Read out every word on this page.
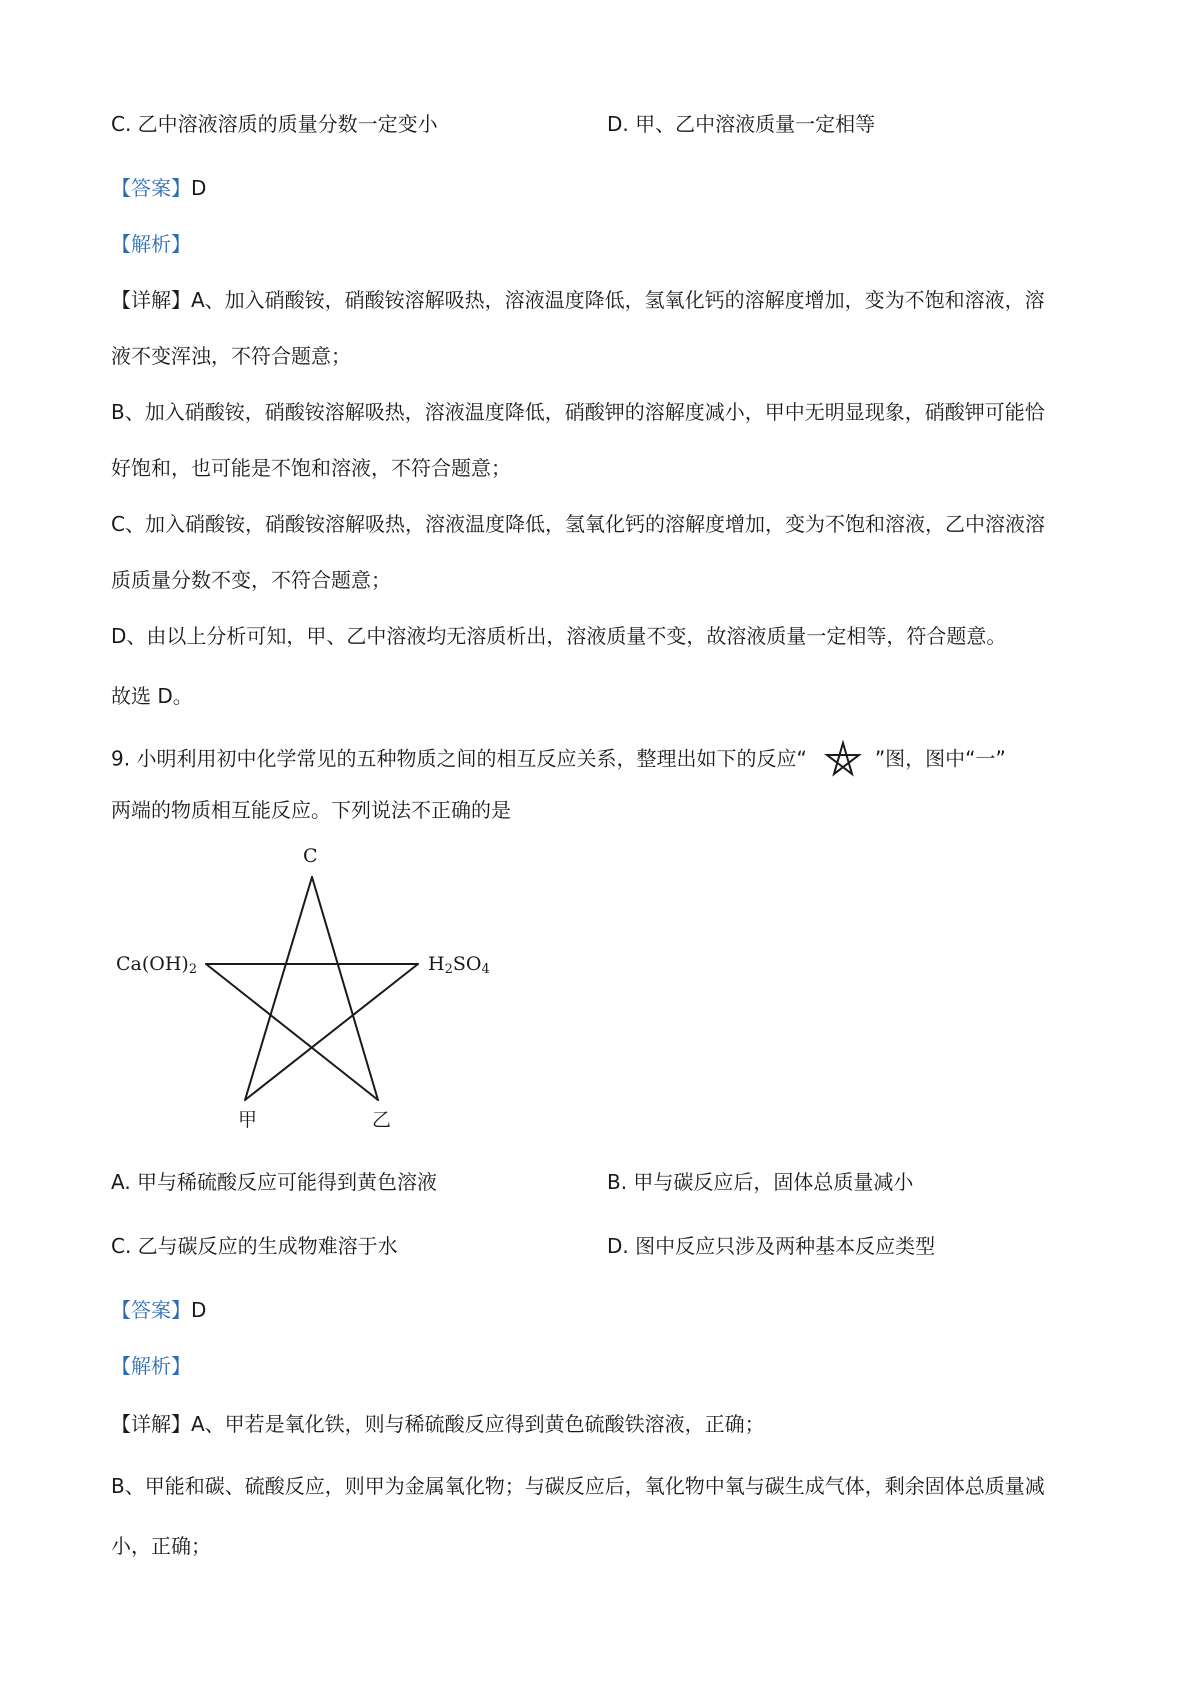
C. 乙中溶液溶质的质量分数一定变小	D. 甲、乙中溶液质量一定相等
【答案】D
【解析】
【详解】A、加入硝酸铵，硝酸铵溶解吸热，溶液温度降低，氢氧化钙的溶解度增加，变为不饱和溶液，溶
液不变浑浊，不符合题意；
B、加入硝酸铵，硝酸铵溶解吸热，溶液温度降低，硝酸钾的溶解度减小，甲中无明显现象，硝酸钾可能恰
好饱和，也可能是不饱和溶液，不符合题意；
C、加入硝酸铵，硝酸铵溶解吸热，溶液温度降低，氢氧化钙的溶解度增加，变为不饱和溶液，乙中溶液溶
质质量分数不变，不符合题意；
D、由以上分析可知，甲、乙中溶液均无溶质析出，溶液质量不变，故溶液质量一定相等，符合题意。
故选 D。
9. 小明利用初中化学常见的五种物质之间的相互反应关系，整理出如下的反应“	”图，图中“一”
两端的物质相互能反应。下列说法不正确的是
C
$Ca(OH)_2$	$H_2SO_4$
甲	乙
A. 甲与稀硫酸反应可能得到黄色溶液	B. 甲与碳反应后，固体总质量减小
C. 乙与碳反应的生成物难溶于水	D. 图中反应只涉及两种基本反应类型
【答案】D
【解析】
【详解】A、甲若是氧化铁，则与稀硫酸反应得到黄色硫酸铁溶液，正确；
B、甲能和碳、硫酸反应，则甲为金属氧化物；与碳反应后，氧化物中氧与碳生成气体，剩余固体总质量减
小，正确；
